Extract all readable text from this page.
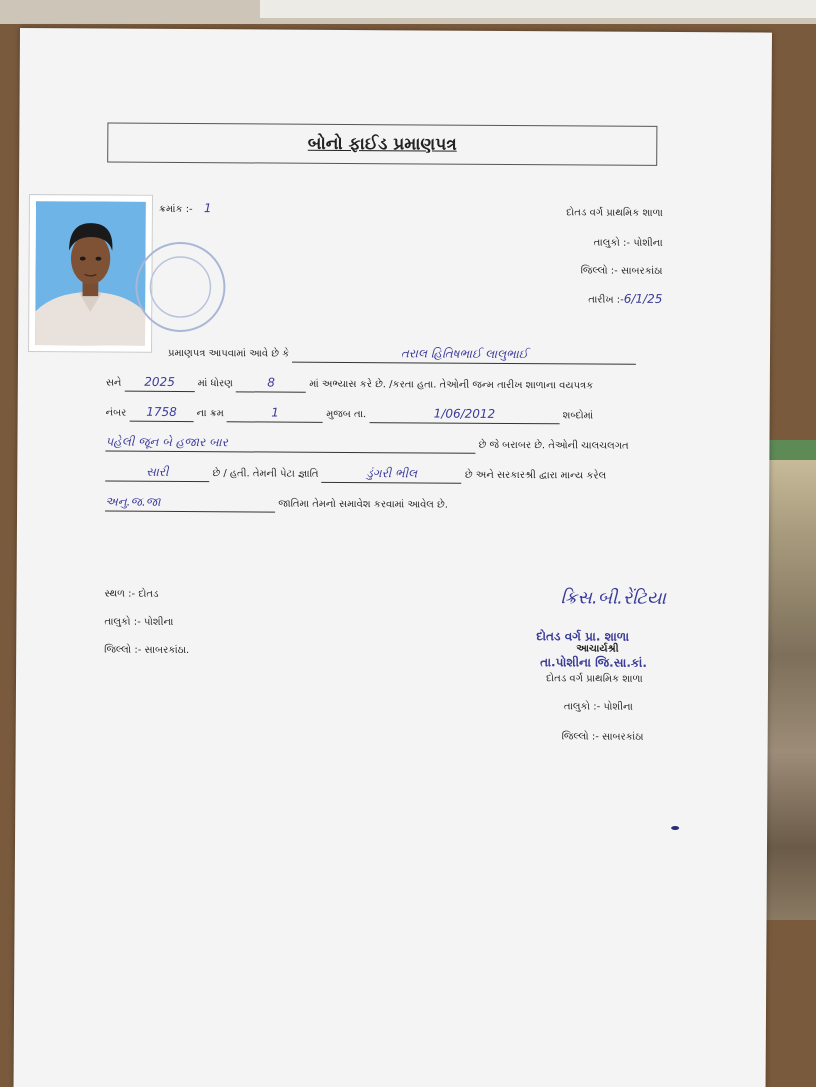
બોનો ફાઈડ પ્રમાણપત્ર
ક્રમાંક :- 1	દોતડ વર્ગ પ્રાથમિક શાળા
તાલુકો :- પોશીના
જિલ્લો :- સાબરકાંઠા
તારીખ :-6/1/25
પ્રમાણપત્ર આપવામાં આવે છે કે	તરાલ હિતિષભાઈ લાલુભાઈ
સને 2025 માં ધોરણ	8	માં અભ્યાસ કરે છે. /કરતા હતા. તેઓની જન્મ તારીખ શાળાના વયપત્રક
નંબર 1758 ના ક્રમ	1	મુજબ તા.	1/06/2012	શબ્દોમાં
પહેલી જૂન બે હજાર બાર	છે જે બરાબર છે. તેઓની ચાલચલગત
સારી	છે / હતી. તેમની પેટા જ્ઞાતિ	ડુંગરી ભીલ	છે અને સરકારશ્રી દ્વારા માન્ય કરેલ
અનુ.જ.જા	જાતિમા તેમનો સમાવેશ કરવામાં આવેલ છે.
સ્થળ :- દોતડ
તાલુકો :- પોશીના
જિલ્લો :- સાબરકાંઠા.
ક્રિસ.બી.રેંટિયા
દોતડ વર્ગ પ્રા. શાળા
આચાર્યશ્રી
તા.પોશીના જિ.સા.કાં.
દોતડ વર્ગ પ્રાથમિક શાળા
તાલુકો :- પોશીના
જિલ્લો :- સાબરકાંઠા
